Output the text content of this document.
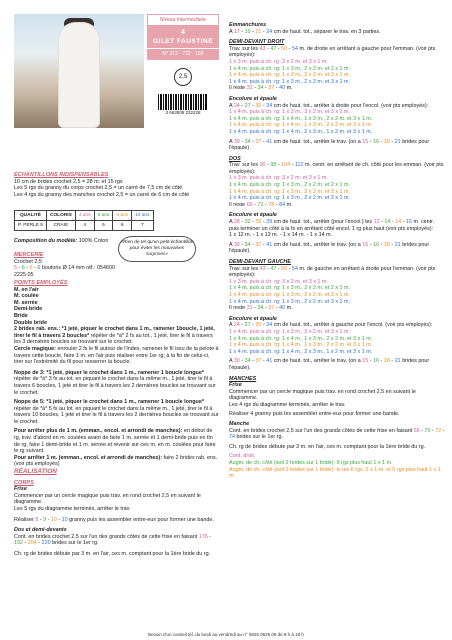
Niveau Intermédiaire
4
GILET FAUSTINE
N° 213 · 722 · 168
2,5
3 663508 232228

ÉCHANTILLONS INDISPENSABLES

10 cm de brides crochet 2,5 = 28 m. et 15 rgs

Les 5 rgs du granny du corps crochet 2,5 = un carré de 7,5 cm de côté

Les 4 rgs du granny des manches crochet 2,5 = un carré de 6 cm de côté

QUALITÉ	COLORIS	4 ans	6 ans	8 ans	10 ans
P. PERLE 5	CRAIE	4	5	6	7
Composition du modèle: 100% Coton	«Rien de tel qu'un petit échantillon pour éviter les mauvaises surprises»

MERCERIE

Crochet 2,5

5 - 6 - 6 - 6 boutons Ø 14 mm réf.: 054600 2225 05

POINTS EMPLOYÉS

M. en l'air

M. coulée

M. serrée

Demi-bride

Bride

Double bride

2 brides rab. ens.: *1 jeté, piquer le crochet dans 1 m., ramener 1boucle, 1 jeté, tirer le fil à travers 2 boucles* répéter de *à* 2 fs au tot., 1 jeté, tirer le fil à travers les 3 dernières boucles se trouvant sur le crochet.

Cercle magique: enrouler 2 fs le fil autour de l'index, ramener le fil issu de la pelote à travers cette boucle, faire 1 m. en l'air puis réaliser votre 1er rg; à la fin de celui-ci, tirer sur l'extrémité du fil pour resserrer la boucle.

Noppe de 3: *1 jeté, piquer le crochet dans 1 m., ramener 1 boucle longue* répéter de *à* 3 fs au tot. en piquant le crochet dans la même m., 1 jeté, tirer le fil à travers 6 boucles, 1 jeté et tirer le fil à travers les 2 dernières boucles se trouvant sur le crochet.

Noppe de 5: *1 jeté, piquer le crochet dans 1 m., ramener 1 boucle longue* répéter de *à* 5 fs au tot. en piquant le crochet dans la même m., 1 jeté, tirer le fil à travers 10 boucles, 1 jeté et tirer le fil à travers les 2 dernières boucles se trouvant sur le crochet.

Pour arrêter plus de 1 m. (emman., encol. et arrondi de manches): en début de rg, trav. d'abord en m. coulées avant de faire 1 m. serrée et 1 demi-bride puis en fin de rg, faire 1 demi-bride et 1 m. serrée et revenir sur ces m. en m. coulées pour faire le rg suivant.

Pour arrêter 1 m. (emman., encol. et arrondi de manches): faire 2 brides rab. ens. (voir pts employés)

RÉALISATION

CORPS

Frise

Commencer par un cercle magique puis trav. en rond crochet 2,5 en suivant le diagramme.

Les 5 rgs du diagramme terminés, arrêter le trav.

Réaliser 8 - 9 - 10 - 10 granny puis les assembler entre-eux pour former une bande.

Dos et demi-devants

Cont. en brides crochet 2,5 sur l'un des grands côtés de cette frise en faisant 176 - 192 - 204 - 220 brides sur le 1er rg.

Ch. rg de brides débute par 3 m. en l'air, ces m. comptant pour la 1ère bride du rg.

Emmanchures

A 17 - 19 - 21 - 24 cm de haut. tot., séparer le trav. en 3 parties.

DEMI-DEVANT DROIT

Trav. sur les 43 - 47 - 50 - 54 m. de droite en arrêtant à gauche pour l'emman. (voir pts employés):

1 x 3 m. puis à ch. rg :3 x 2 m. et 3 x 1 m.

1 x 4 m. puis à ch. rg: 1 x 3 m., 2 x 2 m. et 2 x 1 m.

1 x 4 m. puis à ch. rg: 1 x 3 m., 2 x 2 m. et 3 x 1 m.

1 x 4 m. puis à ch. rg: 1 x 3 m., 2 x 2 m. et 3 x 1 m.

Il reste 31 - 34 - 37 - 40 m.

Encolure et épaule

A 24 - 27 - 30 - 34 cm de haut. tot., arrêter à droite pour l'encol. (voir pts employés):

1 x 4 m. puis à ch. rg: 1 x 3 m., 3 x 2 m. et 3 x 1 m.

1 x 4 m. puis à ch. rg: 1 x 4 m., 1 x 3 m., 2 x 2 m. et 3 x 1 m.

1 x 4 m. puis à ch. rg: 1 x 4 m., 1 x 3 m., 2 x 2 m. et 3 x 1 m.

1 x 4 m. puis à ch. rg: 1 x 4 m., 2 x 3 m., 1 x 2 m. et 3 x 1 m.

A 30 - 34 - 37 - 41 cm de haut. tot., arrêter le trav. (on a 15 - 16 - 18 - 21 brides pour l'épaule).

DOS

Trav. sur les 90 - 98 - 104 - 112 m. centr. en arrêtant de ch. côté pour les emman. (voir pts employés):

1 x 3 m. puis à ch. rg: 3 x 2 m. et 3 x 1 m.

1 x 4 m. puis à ch. rg: 1 x 3 m., 2 x 2 m. et 2 x 1 m.

1 x 4 m. puis à ch. rg: 1 x 3 m., 2 x 2 m. et 3 x 1 m.

1 x 4 m. puis à ch. rg: 1 x 3 m., 2 x 2 m. et 3 x 1 m.

Il reste 66 - 72 - 78 - 84 m.

Encolure et épaule

A 28 - 32 - 35 - 39 cm de haut. tot., arrêter (pour l'encol.) les 12 - 14 - 14 - 16 m. centr. puis terminer un côté à la fs en arrêtant côté encol. 1 rg plus haut (voir pts employés):

1 x 12 m. - 1 x 13 m. - 1 x 14 m. - 1 x 14 m.

A 30 - 34 - 37 - 41 cm de haut. tot., arrêter le trav. (on a 15 - 16 - 18 - 21 brides pour l'épaule).

DEMI-DEVANT GAUCHE

Trav. sur les 43 - 47 - 50 - 54 m. de gauche en arrêtant à droite pour l'emman. (voir pts employés):

1 x 3 m. puis à ch. rg: 3 x 2 m. et 3 x 1 m.

1 x 4 m. puis à ch. rg: 1 x 3 m., 2 x 2 m. et 2 x 1 m.

1 x 4 m. puis à ch. rg: 1 x 3 m., 2 x 2 m. et 3 x 1 m.

1 x 4 m. puis à ch. rg: 1 x 3 m., 2 x 2 m. et 3 x 1 m.

Il reste 31 - 34 - 37 - 40 m.

Encolure et épaule

A 24 - 27 - 30 - 34 cm de haut. tot., arrêter à gauche pour l'encol. (voir pts employés):

1 x 4 m. puis à ch. rg: 1 x 3 m., 3 x 2 m. et 3 x 1 m.

1 x 4 m. puis à ch. rg: 1 x 4 m., 1 x 3 m., 2 x 2 m. et 3 x 1 m.

1 x 4 m. puis à ch. rg: 1 x 4 m., 1 x 3 m., 2 x 2 m. et 3 x 1 m.

1 x 4 m. puis à ch. rg: 1 x 4 m., 2 x 3 m., 1 x 2 m. et 3 x 1 m.

A 30 - 34 - 37 - 41 cm de haut. tot., arrêter le trav. (on a 15 - 16 - 18 - 21 brides pour l'épaule).

MANCHES

Frise

Commencer par un cercle magique puis trav. en rond crochet 2,5 en suivant le diagramme.

Les 4 rgs du diagramme terminés, arrêter le trav.

Réaliser 4 granny puis les assembler entre-eux pour former une bande.

Manche

Cont. en brides crochet 2,5 sur l'un des grands côtés de cette frise en faisant 66 - 70 - 72 - 74 brides sur le 1er rg.

Ch. rg de brides débute par 3 m. en l'air, ces m. comptant pour la 1ère bride du rg.

Cont. droit.

Augm. de ch. côté (soit 2 brides sur 1 bride): 9 rgs plus haut 1 x 1 m.

Augm. de ch. côté (soit 2 brides sur 1 bride): ts les 6 rgs: 2 x 1 m. et 5 rgs plus haut 1 x 1 m.

Besoin d'un conseil tél. du lundi au vendredi au n° 0825 0625 09 de 9 h à 18 h
